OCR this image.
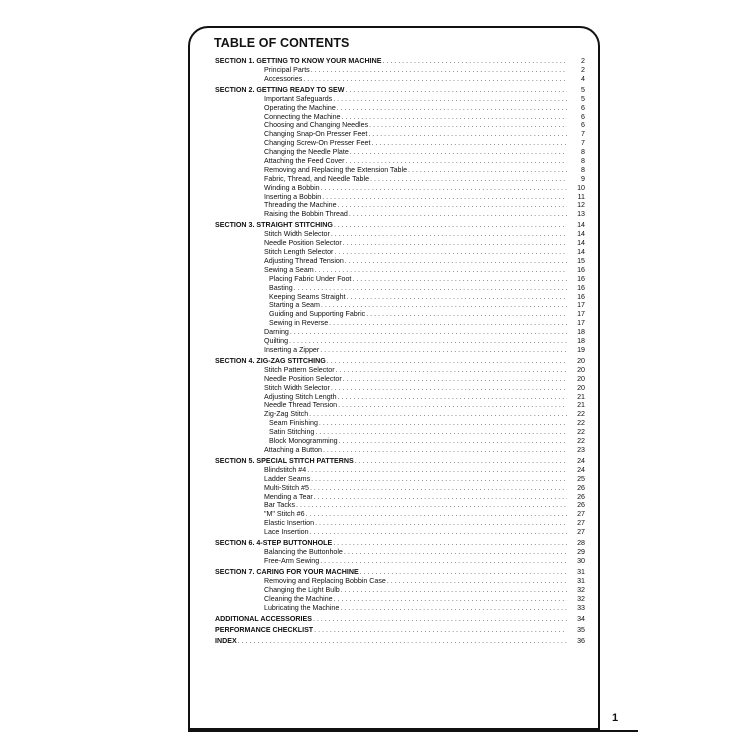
TABLE OF CONTENTS
SECTION 1. GETTING TO KNOW YOUR MACHINE . . .	2
Principal Parts . . .	2
Accessories . . .	4
SECTION 2. GETTING READY TO SEW . . .	5
Important Safeguards . . .	5
Operating the Machine . . .	6
Connecting the Machine . . .	6
Choosing and Changing Needles . . .	6
Changing Snap-On Presser Feet . . .	7
Changing Screw-On Presser Feet . . .	7
Changing the Needle Plate . . .	8
Attaching the Feed Cover . . .	8
Removing and Replacing the Extension Table . . .	8
Fabric, Thread, and Needle Table . . .	9
Winding a Bobbin . . .	10
Inserting a Bobbin . . .	11
Threading the Machine . . .	12
Raising the Bobbin Thread . . .	13
SECTION 3. STRAIGHT STITCHING . . .	14
Stitch Width Selector . . .	14
Needle Position Selector . . .	14
Stitch Length Selector . . .	14
Adjusting Thread Tension . . .	15
Sewing a Seam . . .	16
Placing Fabric Under Foot . . .	16
Basting . . .	16
Keeping Seams Straight . . .	16
Starting a Seam . . .	17
Guiding and Supporting Fabric . . .	17
Sewing in Reverse . . .	17
Darning . . .	18
Quilting . . .	18
Inserting a Zipper . . .	19
SECTION 4. ZIG-ZAG STITCHING . . .	20
Stitch Pattern Selector . . .	20
Needle Position Selector . . .	20
Stitch Width Selector . . .	20
Adjusting Stitch Length . . .	21
Needle Thread Tension . . .	21
Zig-Zag Stitch . . .	22
Seam Finishing . . .	22
Satin Stitching . . .	22
Block Monogramming . . .	22
Attaching a Button . . .	23
SECTION 5. SPECIAL STITCH PATTERNS . . .	24
Blindstitch #4 . . .	24
Ladder Seams . . .	25
Multi-Stitch #5 . . .	26
Mending a Tear . . .	26
Bar Tacks . . .	26
"M" Stitch #6 . . .	27
Elastic Insertion . . .	27
Lace Insertion . . .	27
SECTION 6. 4-STEP BUTTONHOLE . . .	28
Balancing the Buttonhole . . .	29
Free-Arm Sewing . . .	30
SECTION 7. CARING FOR YOUR MACHINE . . .	31
Removing and Replacing Bobbin Case . . .	31
Changing the Light Bulb . . .	32
Cleaning the Machine . . .	32
Lubricating the Machine . . .	33
ADDITIONAL ACCESSORIES . . .	34
PERFORMANCE CHECKLIST . . .	35
INDEX . . .	36
1
